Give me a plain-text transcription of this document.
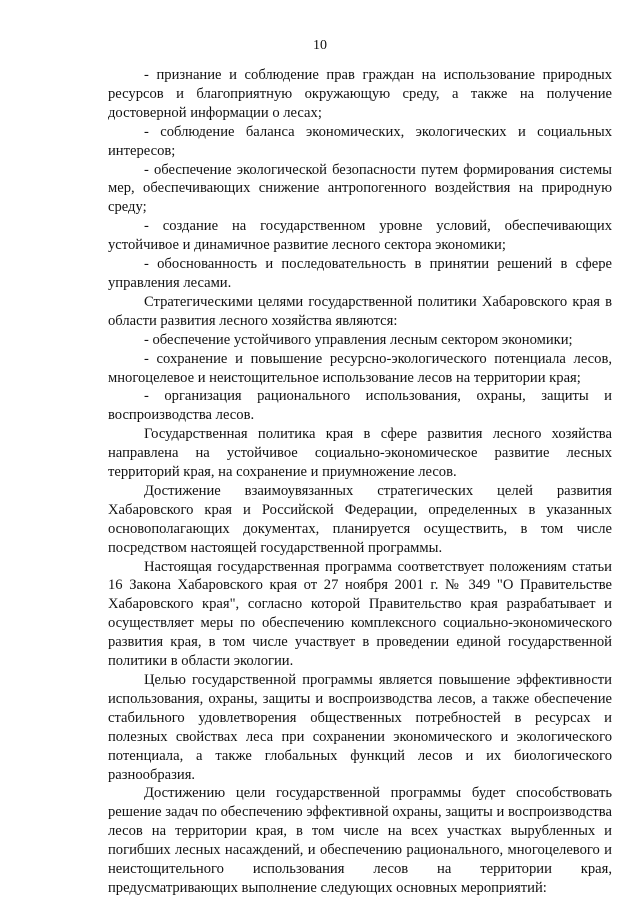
10

- признание и соблюдение прав граждан на использование природных ресурсов и благоприятную окружающую среду, а также на получение достоверной информации о лесах;

- соблюдение баланса экономических, экологических и социальных интересов;

- обеспечение экологической безопасности путем формирования системы мер, обеспечивающих снижение антропогенного воздействия на природную среду;

- создание на государственном уровне условий, обеспечивающих устойчивое и динамичное развитие лесного сектора экономики;

- обоснованность и последовательность в принятии решений в сфере управления лесами.

Стратегическими целями государственной политики Хабаровского края в области развития лесного хозяйства являются:

- обеспечение устойчивого управления лесным сектором экономики;

- сохранение и повышение ресурсно-экологического потенциала лесов, многоцелевое и неистощительное использование лесов на территории края;

- организация рационального использования, охраны, защиты и воспроизводства лесов.

Государственная политика края в сфере развития лесного хозяйства направлена на устойчивое социально-экономическое развитие лесных территорий края, на сохранение и приумножение лесов.

Достижение взаимоувязанных стратегических целей развития Хабаровского края и Российской Федерации, определенных в указанных основополагающих документах, планируется осуществить, в том числе посредством настоящей государственной программы.

Настоящая государственная программа соответствует положениям статьи 16 Закона Хабаровского края от 27 ноября 2001 г. № 349 "О Правительстве Хабаровского края", согласно которой Правительство края разрабатывает и осуществляет меры по обеспечению комплексного социально-экономического развития края, в том числе участвует в проведении единой государственной политики в области экологии.

Целью государственной программы является повышение эффективности использования, охраны, защиты и воспроизводства лесов, а также обеспечение стабильного удовлетворения общественных потребностей в ресурсах и полезных свойствах леса при сохранении экономического и экологического потенциала, а также глобальных функций лесов и их биологического разнообразия.

Достижению цели государственной программы будет способствовать решение задач по обеспечению эффективной охраны, защиты и воспроизводства лесов на территории края, в том числе на всех участках вырубленных и погибших лесных насаждений, и обеспечению рационального, многоцелевого и неистощительного использования лесов на территории края, предусматривающих выполнение следующих основных мероприятий:
